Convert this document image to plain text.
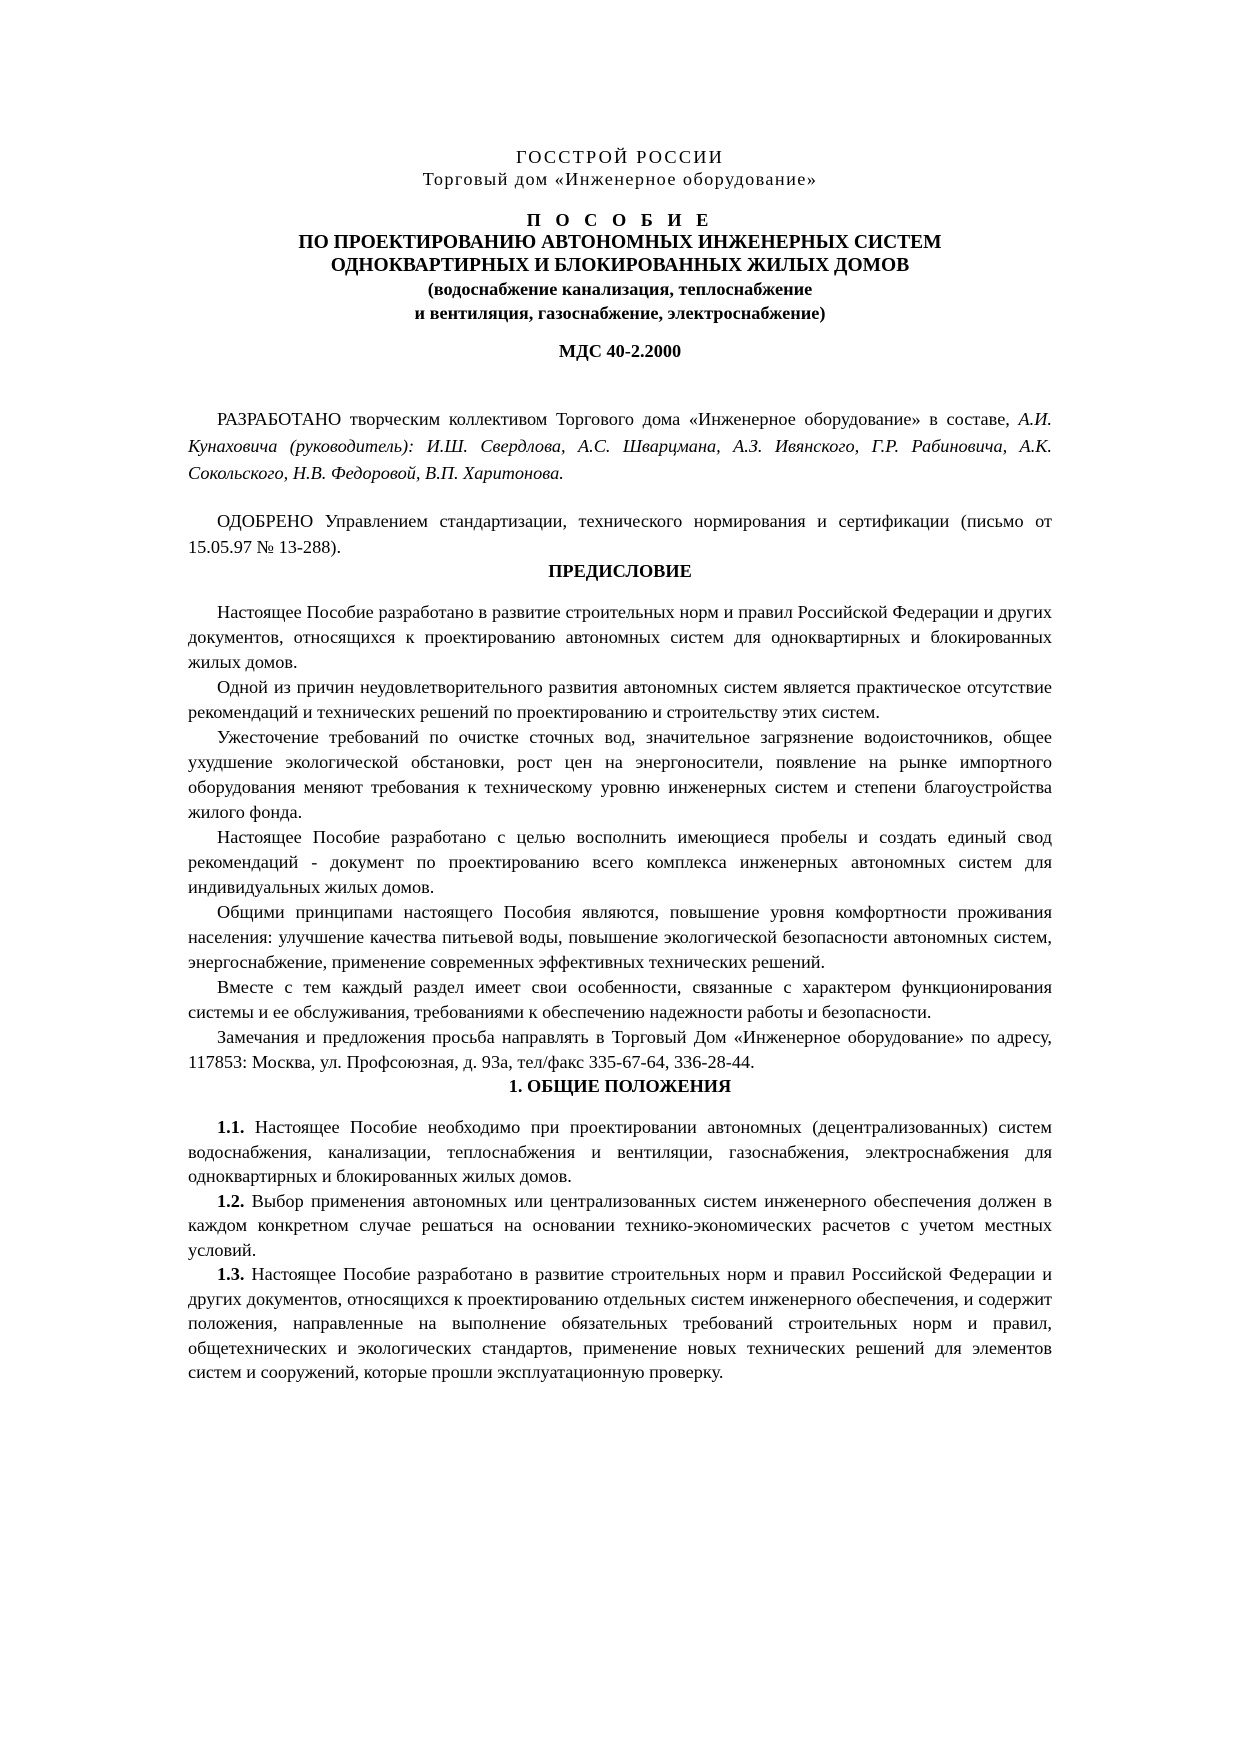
ГОССТРОЙ РОССИИ
Торговый дом «Инженерное оборудование»
П О С О Б И Е
ПО ПРОЕКТИРОВАНИЮ АВТОНОМНЫХ ИНЖЕНЕРНЫХ СИСТЕМ
ОДНОКВАРТИРНЫХ И БЛОКИРОВАННЫХ ЖИЛЫХ ДОМОВ
(водоснабжение канализация, теплоснабжение
и вентиляция, газоснабжение, электроснабжение)
МДС 40-2.2000

РАЗРАБОТАНО творческим коллективом Торгового дома «Инженерное оборудование» в составе, А.И. Кунаховича (руководитель): И.Ш. Свердлова, А.С. Шварцмана, А.З. Ивянского, Г.Р. Рабиновича, А.К. Сокольского, Н.В. Федоровой, В.П. Харитонова.

ОДОБРЕНО Управлением стандартизации, технического нормирования и сертификации (письмо от 15.05.97 № 13-288).

ПРЕДИСЛОВИЕ

Настоящее Пособие разработано в развитие строительных норм и правил Российской Федерации и других документов, относящихся к проектированию автономных систем для одноквартирных и блокированных жилых домов.

Одной из причин неудовлетворительного развития автономных систем является практическое отсутствие рекомендаций и технических решений по проектированию и строительству этих систем.

Ужесточение требований по очистке сточных вод, значительное загрязнение водоисточников, общее ухудшение экологической обстановки, рост цен на энергоносители, появление на рынке импортного оборудования меняют требования к техническому уровню инженерных систем и степени благоустройства жилого фонда.

Настоящее Пособие разработано с целью восполнить имеющиеся пробелы и создать единый свод рекомендаций - документ по проектированию всего комплекса инженерных автономных систем для индивидуальных жилых домов.

Общими принципами настоящего Пособия являются, повышение уровня комфортности проживания населения: улучшение качества питьевой воды, повышение экологической безопасности автономных систем, энергоснабжение, применение современных эффективных технических решений.

Вместе с тем каждый раздел имеет свои особенности, связанные с характером функционирования системы и ее обслуживания, требованиями к обеспечению надежности работы и безопасности.

Замечания и предложения просьба направлять в Торговый Дом «Инженерное оборудование» по адресу, 117853: Москва, ул. Профсоюзная, д. 93а, тел/факс 335-67-64, 336-28-44.

1. ОБЩИЕ ПОЛОЖЕНИЯ

1.1. Настоящее Пособие необходимо при проектировании автономных (децентрализованных) систем водоснабжения, канализации, теплоснабжения и вентиляции, газоснабжения, электроснабжения для одноквартирных и блокированных жилых домов.

1.2. Выбор применения автономных или централизованных систем инженерного обеспечения должен в каждом конкретном случае решаться на основании технико-экономических расчетов с учетом местных условий.

1.3. Настоящее Пособие разработано в развитие строительных норм и правил Российской Федерации и других документов, относящихся к проектированию отдельных систем инженерного обеспечения, и содержит положения, направленные на выполнение обязательных требований строительных норм и правил, общетехнических и экологических стандартов, применение новых технических решений для элементов систем и сооружений, которые прошли эксплуатационную проверку.
